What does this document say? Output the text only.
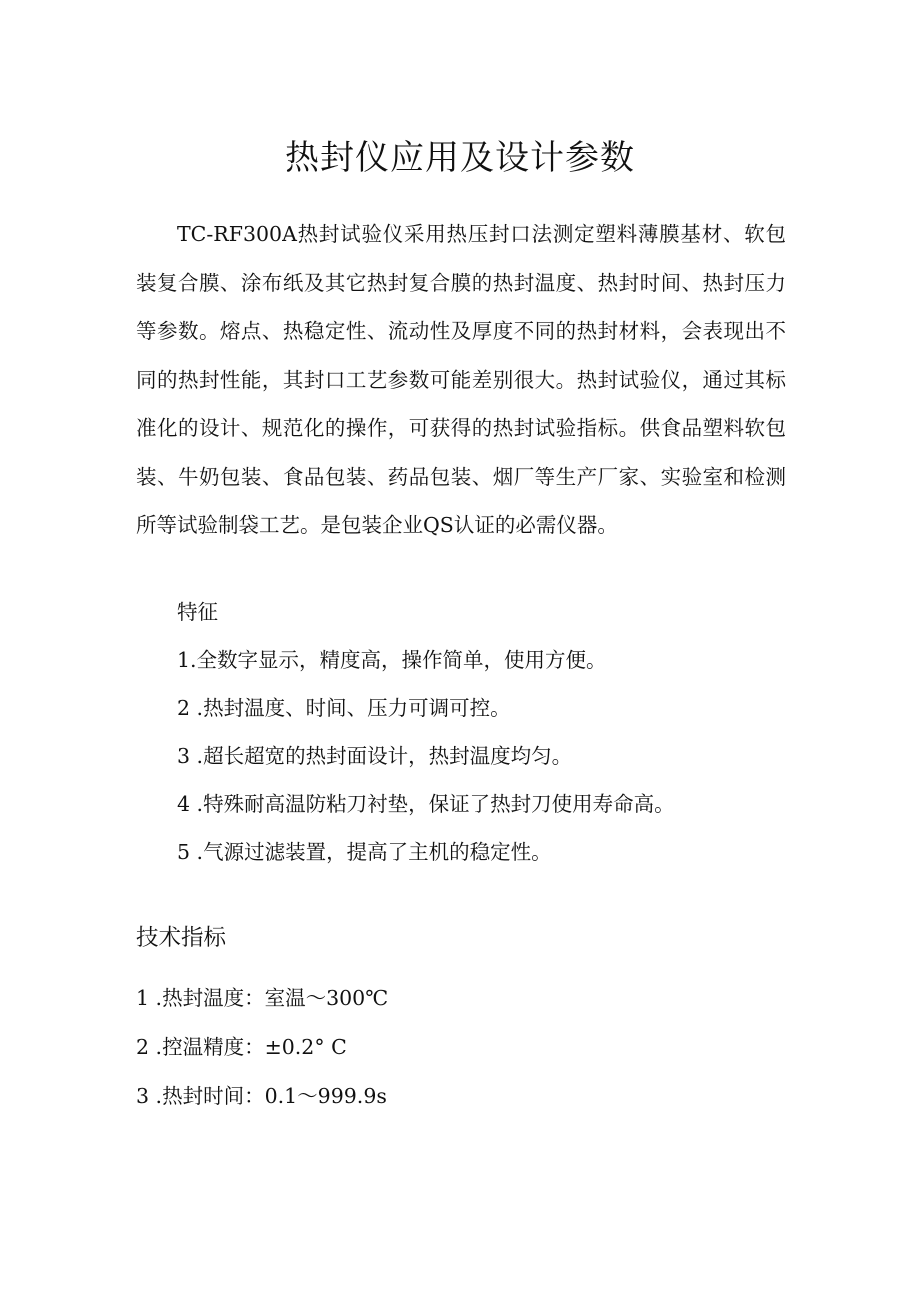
热封仪应用及设计参数

TC-RF300A热封试验仪采用热压封口法测定塑料薄膜基材、软包装复合膜、涂布纸及其它热封复合膜的热封温度、热封时间、热封压力等参数。熔点、热稳定性、流动性及厚度不同的热封材料，会表现出不同的热封性能，其封口工艺参数可能差别很大。热封试验仪，通过其标准化的设计、规范化的操作，可获得的热封试验指标。供食品塑料软包装、牛奶包装、食品包装、药品包装、烟厂等生产厂家、实验室和检测所等试验制袋工艺。是包装企业QS认证的必需仪器。

特征
1.全数字显示，精度高，操作简单，使用方便。
2 .热封温度、时间、压力可调可控。
3 .超长超宽的热封面设计，热封温度均匀。
4 .特殊耐高温防粘刀衬垫，保证了热封刀使用寿命高。
5 .气源过滤装置，提高了主机的稳定性。
技术指标
1 .热封温度：室温～300℃
2 .控温精度：±0.2° C
3 .热封时间：0.1～999.9s
